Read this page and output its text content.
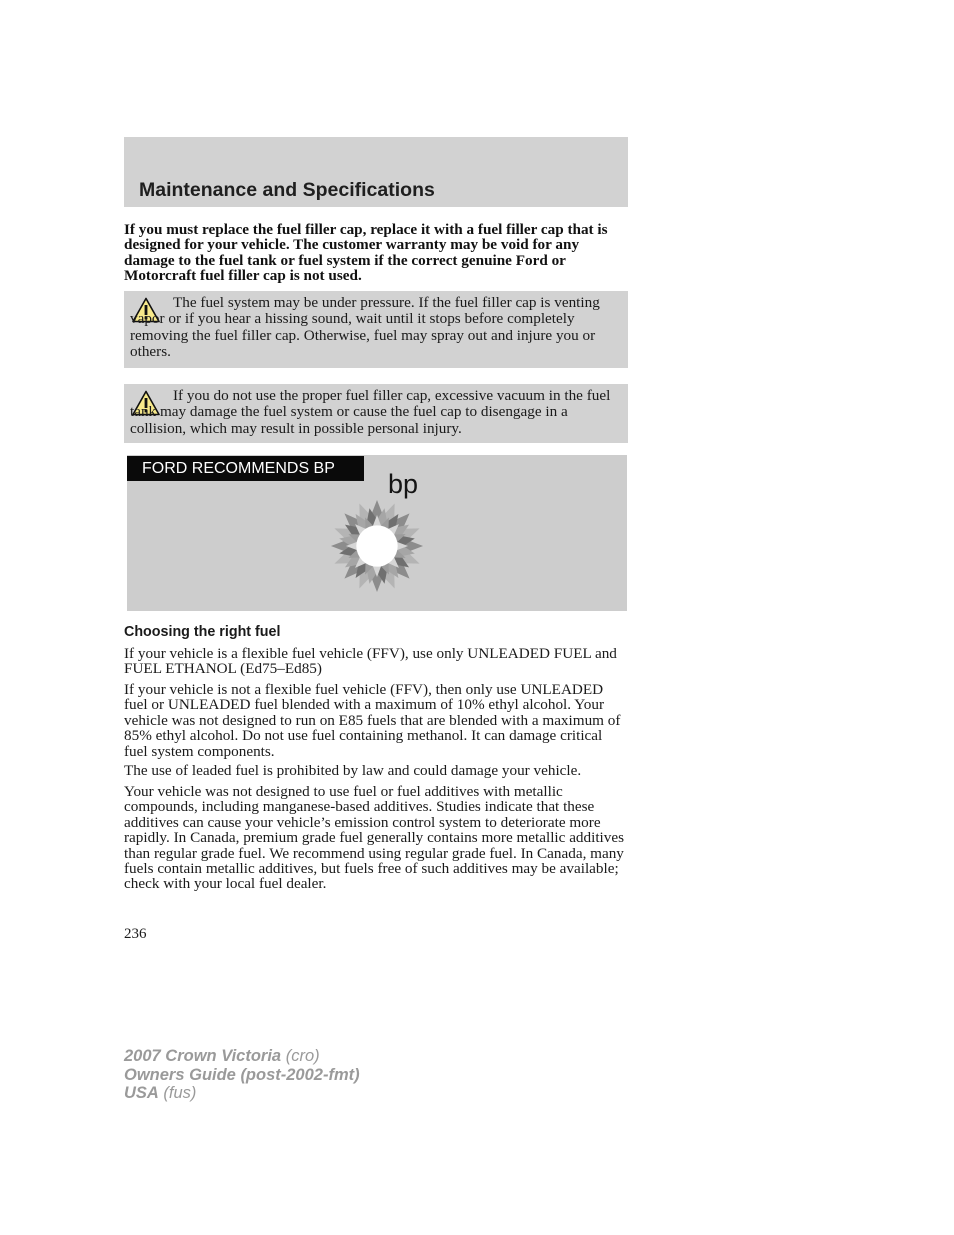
Maintenance and Specifications

If you must replace the fuel filler cap, replace it with a fuel filler cap that is designed for your vehicle. The customer warranty may be void for any damage to the fuel tank or fuel system if the correct genuine Ford or Motorcraft fuel filler cap is not used.

The fuel system may be under pressure. If the fuel filler cap is venting vapor or if you hear a hissing sound, wait until it stops before completely removing the fuel filler cap. Otherwise, fuel may spray out and injure you or others.

If you do not use the proper fuel filler cap, excessive vacuum in the fuel tank may damage the fuel system or cause the fuel cap to disengage in a collision, which may result in possible personal injury.

FORD RECOMMENDS BP
bp
Choosing the right fuel

If your vehicle is a flexible fuel vehicle (FFV), use only UNLEADED FUEL and FUEL ETHANOL (Ed75–Ed85)

If your vehicle is not a flexible fuel vehicle (FFV), then only use UNLEADED fuel or UNLEADED fuel blended with a maximum of 10% ethyl alcohol. Your vehicle was not designed to run on E85 fuels that are blended with a maximum of 85% ethyl alcohol. Do not use fuel containing methanol. It can damage critical fuel system components.

The use of leaded fuel is prohibited by law and could damage your vehicle.

Your vehicle was not designed to use fuel or fuel additives with metallic compounds, including manganese-based additives. Studies indicate that these additives can cause your vehicle’s emission control system to deteriorate more rapidly. In Canada, premium grade fuel generally contains more metallic additives than regular grade fuel. We recommend using regular grade fuel. In Canada, many fuels contain metallic additives, but fuels free of such additives may be available; check with your local fuel dealer.

236

2007 Crown Victoria (cro)
Owners Guide (post-2002-fmt)
USA (fus)
